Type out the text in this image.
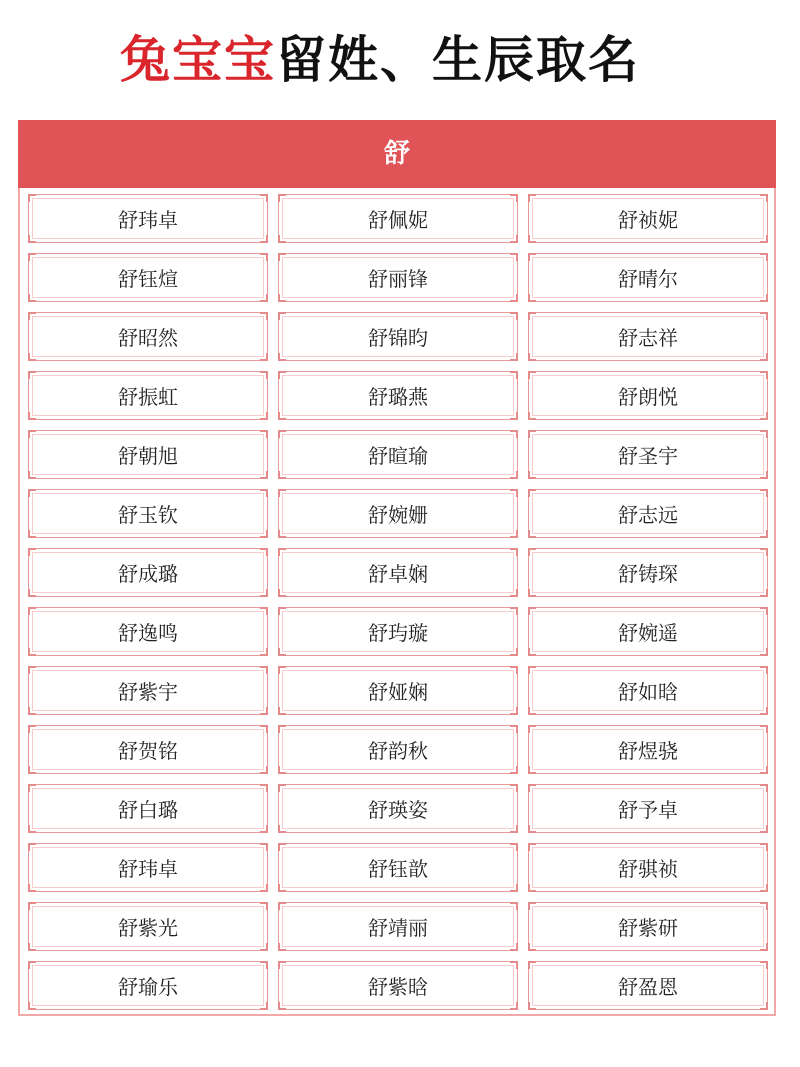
兔宝宝留姓、生辰取名
舒
舒玮卓	舒佩妮	舒祯妮
舒钰煊	舒丽锋	舒晴尔
舒昭然	舒锦昀	舒志祥
舒振虹	舒璐燕	舒朗悦
舒朝旭	舒暄瑜	舒圣宇
舒玉钦	舒婉姗	舒志远
舒成璐	舒卓娴	舒铸琛
舒逸鸣	舒玙璇	舒婉遥
舒紫宇	舒娅娴	舒如晗
舒贺铭	舒韵秋	舒煜骁
舒白璐	舒瑛姿	舒予卓
舒玮卓	舒钰歆	舒骐祯
舒紫光	舒靖丽	舒紫研
舒瑜乐	舒紫晗	舒盈恩
